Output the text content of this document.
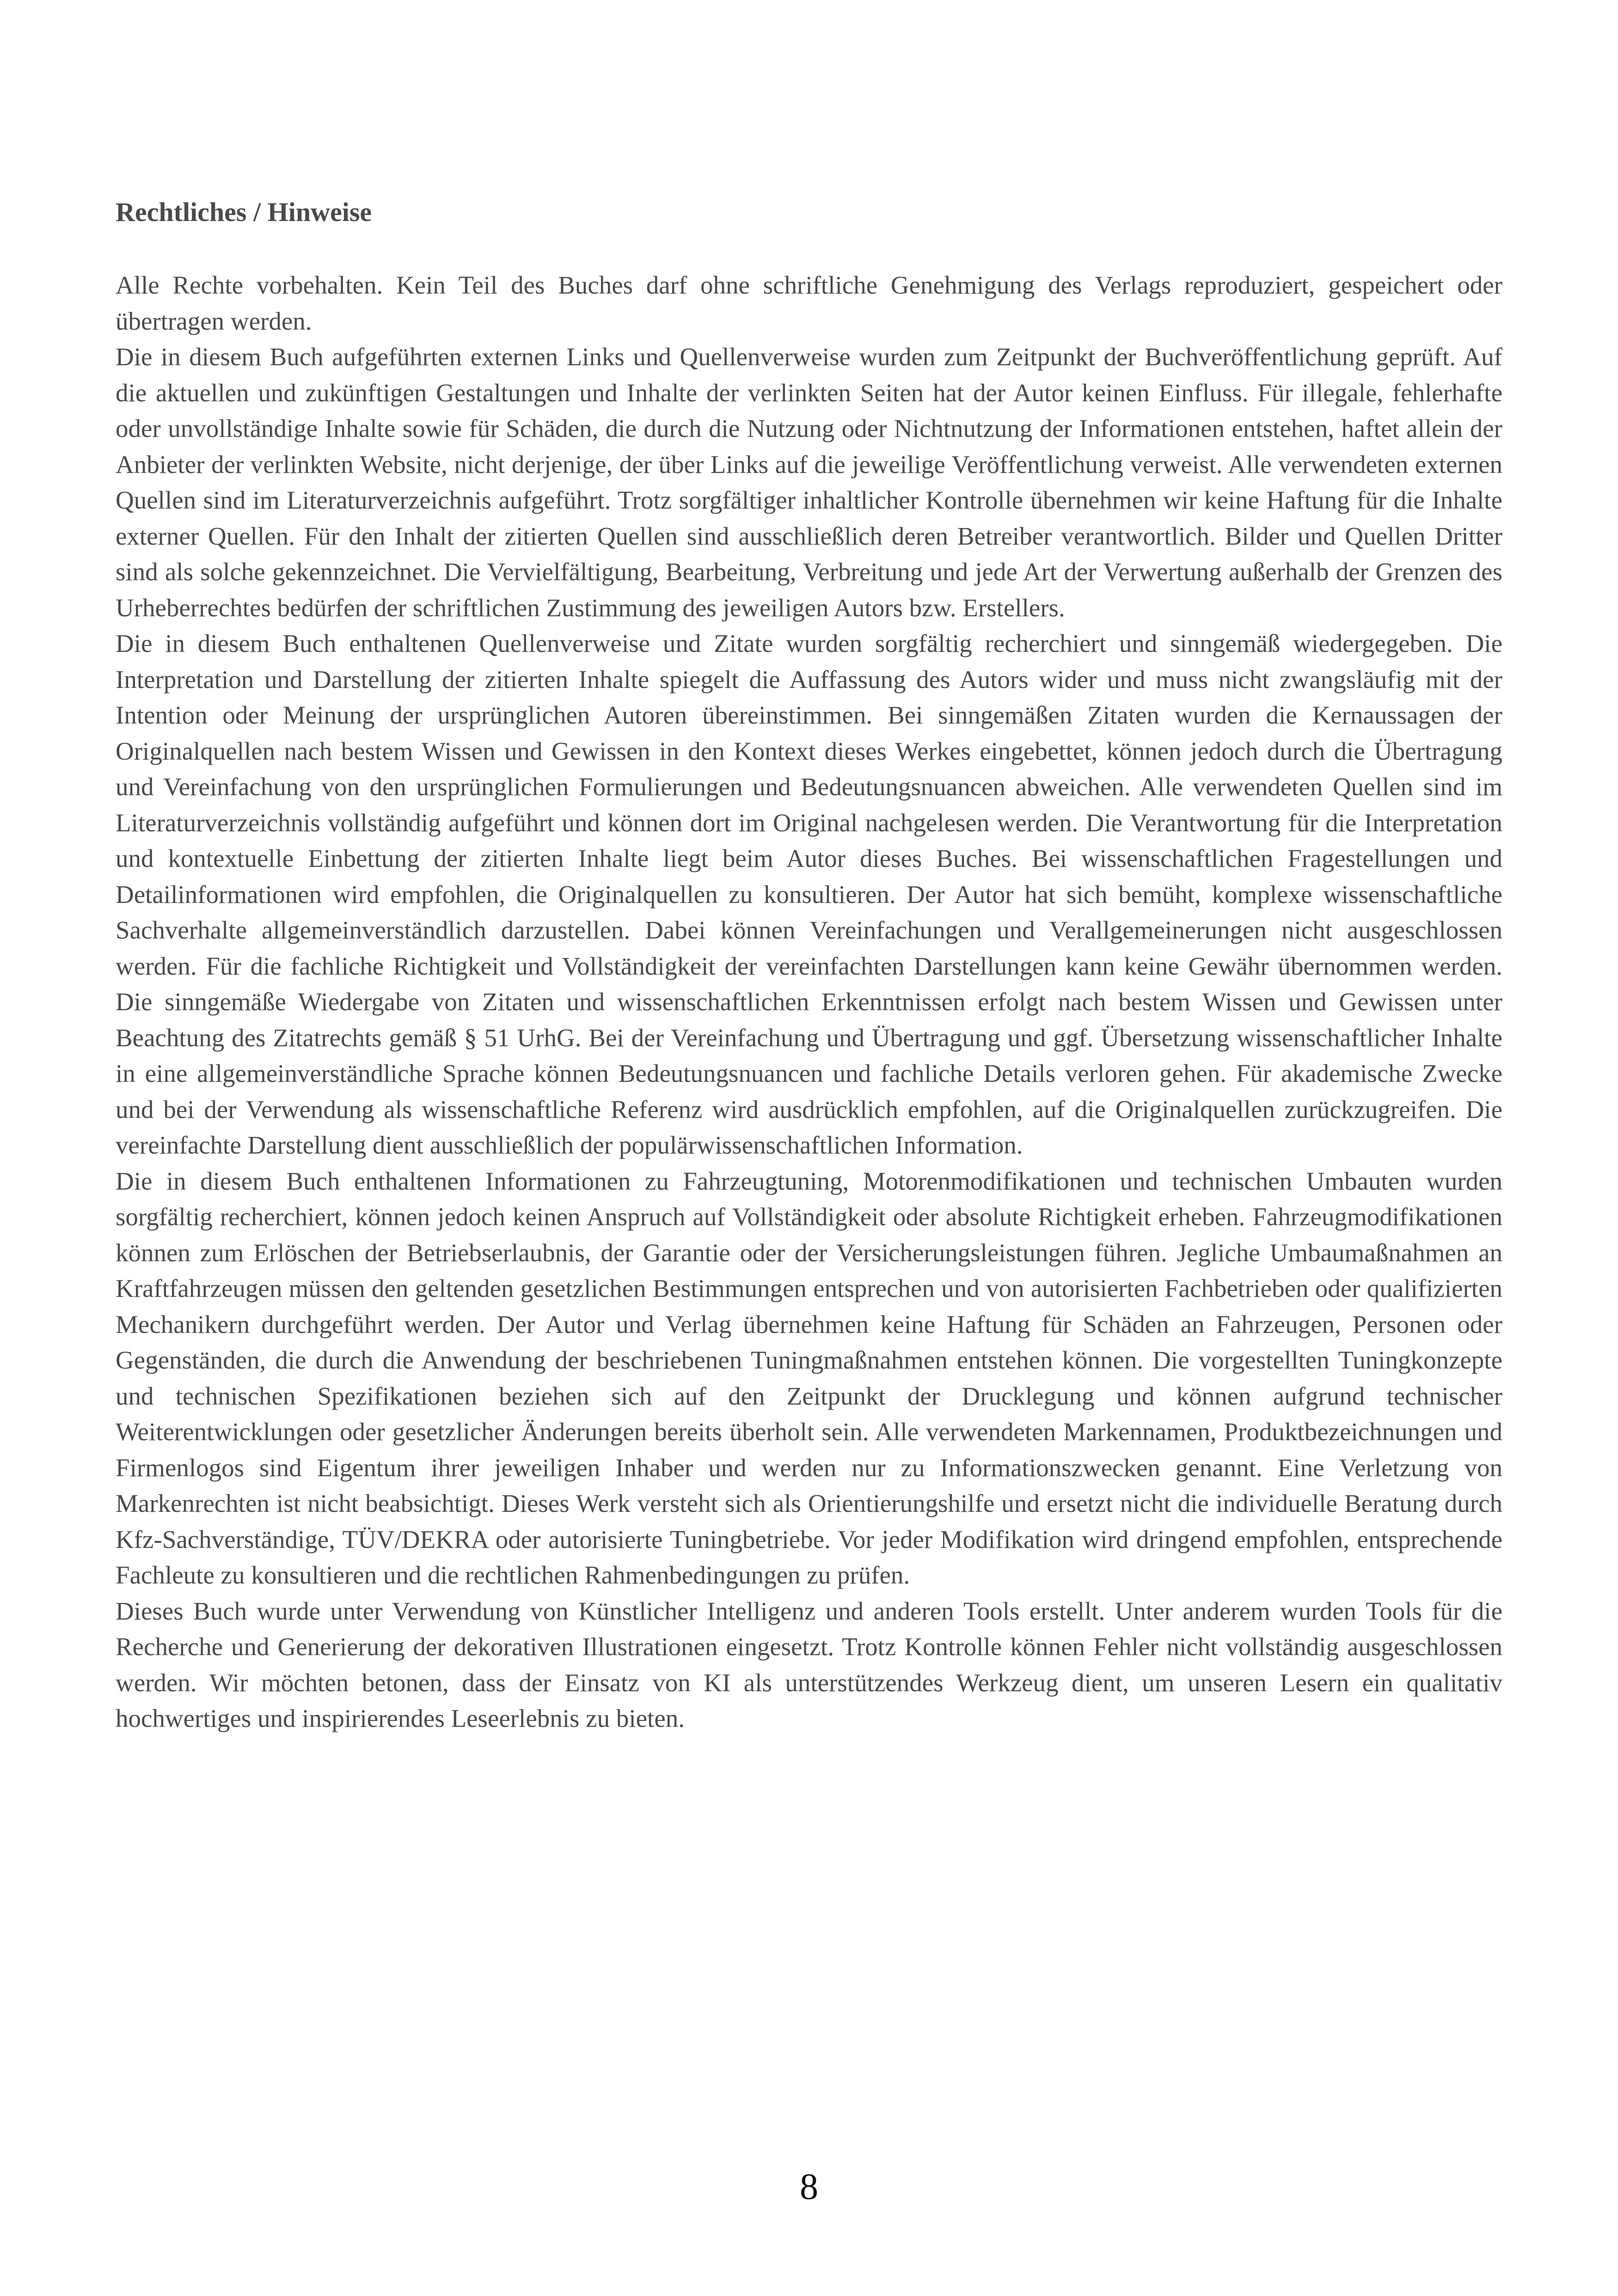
Rechtliches / Hinweise

Alle Rechte vorbehalten. Kein Teil des Buches darf ohne schriftliche Genehmigung des Verlags reproduziert, gespeichert oder übertragen werden.

Die in diesem Buch aufgeführten externen Links und Quellenverweise wurden zum Zeitpunkt der Buchveröffentlichung geprüft. Auf die aktuellen und zukünftigen Gestaltungen und Inhalte der verlinkten Seiten hat der Autor keinen Einfluss. Für illegale, fehlerhafte oder unvollständige Inhalte sowie für Schäden, die durch die Nutzung oder Nichtnutzung der Informationen entstehen, haftet allein der Anbieter der verlinkten Website, nicht derjenige, der über Links auf die jeweilige Veröffentlichung verweist. Alle verwendeten externen Quellen sind im Literaturverzeichnis aufgeführt. Trotz sorgfältiger inhaltlicher Kontrolle übernehmen wir keine Haftung für die Inhalte externer Quellen. Für den Inhalt der zitierten Quellen sind ausschließlich deren Betreiber verantwortlich. Bilder und Quellen Dritter sind als solche gekennzeichnet. Die Vervielfältigung, Bearbeitung, Verbreitung und jede Art der Verwertung außerhalb der Grenzen des Urheberrechtes bedürfen der schriftlichen Zustimmung des jeweiligen Autors bzw. Erstellers.

Die in diesem Buch enthaltenen Quellenverweise und Zitate wurden sorgfältig recherchiert und sinngemäß wiedergegeben. Die Interpretation und Darstellung der zitierten Inhalte spiegelt die Auffassung des Autors wider und muss nicht zwangsläufig mit der Intention oder Meinung der ursprünglichen Autoren übereinstimmen. Bei sinngemäßen Zitaten wurden die Kernaussagen der Originalquellen nach bestem Wissen und Gewissen in den Kontext dieses Werkes eingebettet, können jedoch durch die Übertragung und Vereinfachung von den ursprünglichen Formulierungen und Bedeutungsnuancen abweichen. Alle verwendeten Quellen sind im Literaturverzeichnis vollständig aufgeführt und können dort im Original nachgelesen werden. Die Verantwortung für die Interpretation und kontextuelle Einbettung der zitierten Inhalte liegt beim Autor dieses Buches. Bei wissenschaftlichen Fragestellungen und Detailinformationen wird empfohlen, die Originalquellen zu konsultieren. Der Autor hat sich bemüht, komplexe wissenschaftliche Sachverhalte allgemeinverständlich darzustellen. Dabei können Vereinfachungen und Verallgemeinerungen nicht ausgeschlossen werden. Für die fachliche Richtigkeit und Vollständigkeit der vereinfachten Darstellungen kann keine Gewähr übernommen werden. Die sinngemäße Wiedergabe von Zitaten und wissenschaftlichen Erkenntnissen erfolgt nach bestem Wissen und Gewissen unter Beachtung des Zitatrechts gemäß § 51 UrhG. Bei der Vereinfachung und Übertragung und ggf. Übersetzung wissenschaftlicher Inhalte in eine allgemeinverständliche Sprache können Bedeutungsnuancen und fachliche Details verloren gehen. Für akademische Zwecke und bei der Verwendung als wissenschaftliche Referenz wird ausdrücklich empfohlen, auf die Originalquellen zurückzugreifen. Die vereinfachte Darstellung dient ausschließlich der populärwissenschaftlichen Information.

Die in diesem Buch enthaltenen Informationen zu Fahrzeugtuning, Motorenmodifikationen und technischen Umbauten wurden sorgfältig recherchiert, können jedoch keinen Anspruch auf Vollständigkeit oder absolute Richtigkeit erheben. Fahrzeugmodifikationen können zum Erlöschen der Betriebserlaubnis, der Garantie oder der Versicherungsleistungen führen. Jegliche Umbaumaßnahmen an Kraftfahrzeugen müssen den geltenden gesetzlichen Bestimmungen entsprechen und von autorisierten Fachbetrieben oder qualifizierten Mechanikern durchgeführt werden. Der Autor und Verlag übernehmen keine Haftung für Schäden an Fahrzeugen, Personen oder Gegenständen, die durch die Anwendung der beschriebenen Tuningmaßnahmen entstehen können. Die vorgestellten Tuningkonzepte und technischen Spezifikationen beziehen sich auf den Zeitpunkt der Drucklegung und können aufgrund technischer Weiterentwicklungen oder gesetzlicher Änderungen bereits überholt sein. Alle verwendeten Markennamen, Produktbezeichnungen und Firmenlogos sind Eigentum ihrer jeweiligen Inhaber und werden nur zu Informationszwecken genannt. Eine Verletzung von Markenrechten ist nicht beabsichtigt. Dieses Werk versteht sich als Orientierungshilfe und ersetzt nicht die individuelle Beratung durch Kfz-Sachverständige, TÜV/DEKRA oder autorisierte Tuningbetriebe. Vor jeder Modifikation wird dringend empfohlen, entsprechende Fachleute zu konsultieren und die rechtlichen Rahmenbedingungen zu prüfen.

Dieses Buch wurde unter Verwendung von Künstlicher Intelligenz und anderen Tools erstellt. Unter anderem wurden Tools für die Recherche und Generierung der dekorativen Illustrationen eingesetzt. Trotz Kontrolle können Fehler nicht vollständig ausgeschlossen werden. Wir möchten betonen, dass der Einsatz von KI als unterstützendes Werkzeug dient, um unseren Lesern ein qualitativ hochwertiges und inspirierendes Leseerlebnis zu bieten.

8
